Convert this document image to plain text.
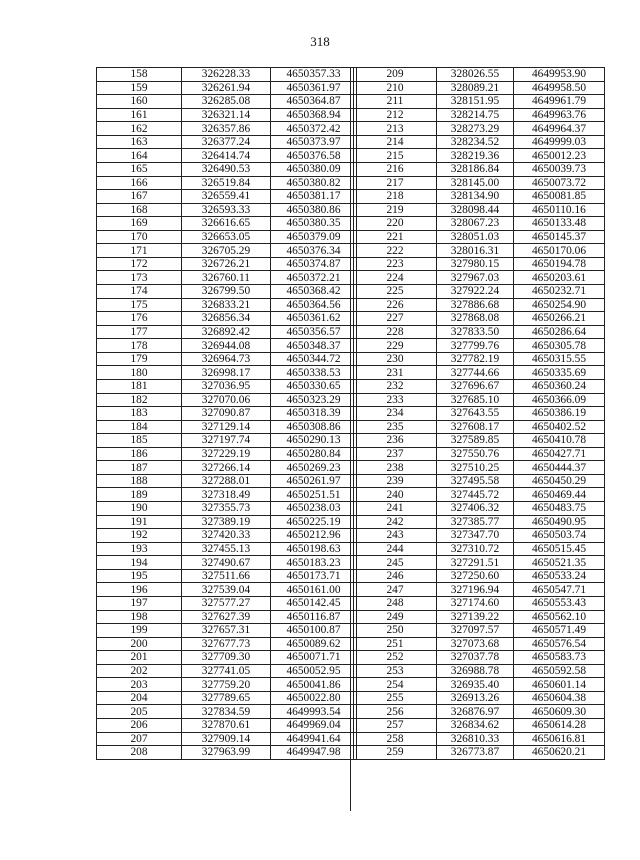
318
158	326228.33	4650357.33
159	326261.94	4650361.97
160	326285.08	4650364.87
161	326321.14	4650368.94
162	326357.86	4650372.42
163	326377.24	4650373.97
164	326414.74	4650376.58
165	326490.53	4650380.09
166	326519.84	4650380.82
167	326559.41	4650381.17
168	326593.33	4650380.86
169	326616.65	4650380.35
170	326653.05	4650379.09
171	326705.29	4650376.34
172	326726.21	4650374.87
173	326760.11	4650372.21
174	326799.50	4650368.42
175	326833.21	4650364.56
176	326856.34	4650361.62
177	326892.42	4650356.57
178	326944.08	4650348.37
179	326964.73	4650344.72
180	326998.17	4650338.53
181	327036.95	4650330.65
182	327070.06	4650323.29
183	327090.87	4650318.39
184	327129.14	4650308.86
185	327197.74	4650290.13
186	327229.19	4650280.84
187	327266.14	4650269.23
188	327288.01	4650261.97
189	327318.49	4650251.51
190	327355.73	4650238.03
191	327389.19	4650225.19
192	327420.33	4650212.96
193	327455.13	4650198.63
194	327490.67	4650183.23
195	327511.66	4650173.71
196	327539.04	4650161.00
197	327577.27	4650142.45
198	327627.39	4650116.87
199	327657.31	4650100.87
200	327677.73	4650089.62
201	327709.30	4650071.71
202	327741.05	4650052.95
203	327759.20	4650041.86
204	327789.65	4650022.80
205	327834.59	4649993.54
206	327870.61	4649969.04
207	327909.14	4649941.64
208	327963.99	4649947.98
209	328026.55	4649953.90
210	328089.21	4649958.50
211	328151.95	4649961.79
212	328214.75	4649963.76
213	328273.29	4649964.37
214	328234.52	4649999.03
215	328219.36	4650012.23
216	328186.84	4650039.73
217	328145.00	4650073.72
218	328134.90	4650081.85
219	328098.44	4650110.16
220	328067.23	4650133.48
221	328051.03	4650145.37
222	328016.31	4650170.06
223	327980.15	4650194.78
224	327967.03	4650203.61
225	327922.24	4650232.71
226	327886.68	4650254.90
227	327868.08	4650266.21
228	327833.50	4650286.64
229	327799.76	4650305.78
230	327782.19	4650315.55
231	327744.66	4650335.69
232	327696.67	4650360.24
233	327685.10	4650366.09
234	327643.55	4650386.19
235	327608.17	4650402.52
236	327589.85	4650410.78
237	327550.76	4650427.71
238	327510.25	4650444.37
239	327495.58	4650450.29
240	327445.72	4650469.44
241	327406.32	4650483.75
242	327385.77	4650490.95
243	327347.70	4650503.74
244	327310.72	4650515.45
245	327291.51	4650521.35
246	327250.60	4650533.24
247	327196.94	4650547.71
248	327174.60	4650553.43
249	327139.22	4650562.10
250	327097.57	4650571.49
251	327073.68	4650576.54
252	327037.78	4650583.73
253	326988.78	4650592.58
254	326935.40	4650601.14
255	326913.26	4650604.38
256	326876.97	4650609.30
257	326834.62	4650614.28
258	326810.33	4650616.81
259	326773.87	4650620.21
